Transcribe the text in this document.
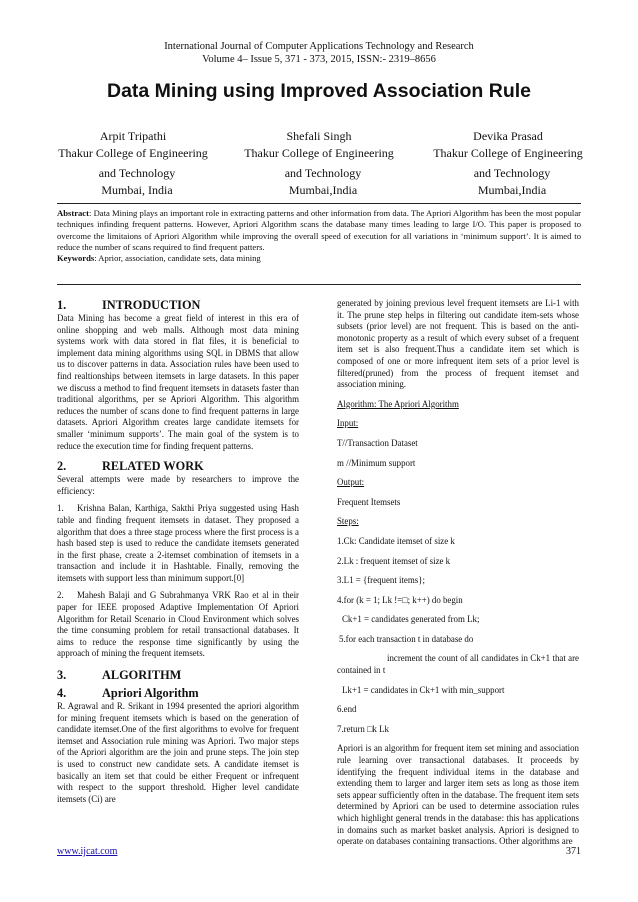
International Journal of Computer Applications Technology and Research
Volume 4– Issue 5, 371 - 373, 2015, ISSN:- 2319–8656
Data Mining using Improved Association Rule
Arpit Tripathi
Thakur College of Engineering
and Technology
Mumbai, India
Shefali Singh
Thakur College of Engineering
and Technology
Mumbai,India
Devika Prasad
Thakur College of Engineering
and Technology
Mumbai,India

Abstract: Data Mining plays an important role in extracting patterns and other information from data. The Apriori Algorithm has been the most popular techniques infinding frequent patterns. However, Apriori Algorithm scans the database many times leading to large I/O. This paper is proposed to overcome the limitaions of Apriori Algorithm while improving the overall speed of execution for all variations in ‘minimum support’. It is aimed to reduce the number of scans required to find frequent patters.

Keywords: Aprior, association, candidate sets, data mining

1.	INTRODUCTION

Data Mining has become a great field of interest in this era of online shopping and web malls. Although most data mining systems work with data stored in flat files, it is beneficial to implement data mining algorithms using SQL in DBMS that allow us to discover patterns in data. Association rules have been used to find realtionships between itemsets in large datasets. In this paper we discuss a method to find frequent itemsets in datasets faster than traditional algorithms, per se Apriori Algorithm. This algorithm reduces the number of scans done to find frequent patterns in large datasets. Apriori Algorithm creates large candidate itemsets for smaller ‘minimum supports’. The main goal of the system is to reduce the execution time for finding frequent patterns.

2.	RELATED WORK

Several attempts were made by researchers to improve the efficiency:

1. Krishna Balan, Karthiga, Sakthi Priya suggested using Hash table and finding frequent itemsets in dataset. They proposed a algorithm that does a three stage process where the first process is a hash based step is used to reduce the candidate itemsets generated in the first phase, create a 2-itemset combination of itemsets in a transaction and include it in Hashtable. Finally, removing the itemsets with support less than minimum support.[0]

2. Mahesh Balaji and G Subrahmanya VRK Rao et al in their paper for IEEE proposed Adaptive Implementation Of Apriori Algorithm for Retail Scenario in Cloud Environment which solves the time consuming problem for retail transactional databases. It aims to reduce the response time significantly by using the approach of mining the frequent itemsets.

3.	ALGORITHM
4.	Apriori Algorithm

R. Agrawal and R. Srikant in 1994 presented the apriori algorithm for mining frequent itemsets which is based on the generation of candidate itemset.One of the first algorithms to evolve for frequent itemset and Association rule mining was Apriori. Two major steps of the Apriori algorithm are the join and prune steps. The join step is used to construct new candidate sets. A candidate itemset is basically an item set that could be either Frequent or infrequent with respect to the support threshold. Higher level candidate itemsets (Ci) are

generated by joining previous level frequent itemsets are Li-1 with it. The prune step helps in filtering out candidate item-sets whose subsets (prior level) are not frequent. This is based on the anti-monotonic property as a result of which every subset of a frequent item set is also frequent.Thus a candidate item set which is composed of one or more infrequent item sets of a prior level is filtered(pruned) from the process of frequent itemset and association mining.

Algorithm: The Apriori Algorithm

Input:

T//Transaction Dataset

m //Minimum support

Output:

Frequent Itemsets

Steps:

1.Ck: Candidate itemset of size k

2.Lk : frequent itemset of size k

3.L1 = {frequent items};

4.for (k = 1; Lk !=□; k++) do begin

Ck+1 = candidates generated from Lk;

5.for each transaction t in database do

increment the count of all candidates in Ck+1 that are contained in t

Lk+1 = candidates in Ck+1 with min_support

6.end

7.return □k Lk

Apriori is an algorithm for frequent item set mining and association rule learning over transactional databases. It proceeds by identifying the frequent individual items in the database and extending them to larger and larger item sets as long as those item sets appear sufficiently often in the database. The frequent item sets determined by Apriori can be used to determine association rules which highlight general trends in the database: this has applications in domains such as market basket analysis. Apriori is designed to operate on databases containing transactions. Other algorithms are

www.ijcat.com	371
